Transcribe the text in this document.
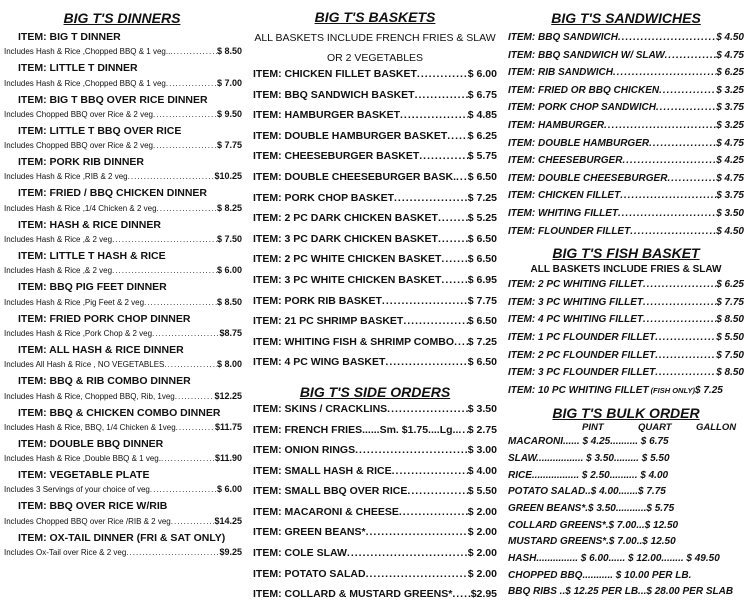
BIG T'S DINNERS
ITEM: BIG T DINNER
Includes Hash & Rice ,Chopped BBQ & 1 veg.. .....	$ 8.50
ITEM: LITTLE T DINNER
Includes Hash & Rice ,Chopped BBQ & 1 veg .....	$ 7.00
ITEM: BIG T BBQ OVER RICE DINNER
Includes Chopped BBQ over Rice & 2 veg .....	$ 9.50
ITEM: LITTLE T BBQ OVER RICE
Includes Chopped BBQ over Rice & 2 veg .....	$ 7.75
ITEM: PORK RIB DINNER
Includes Hash & Rice ,RIB & 2 veg .....	$10.25
ITEM: FRIED / BBQ CHICKEN DINNER
Includes Hash & Rice ,1/4 Chicken & 2 veg .....	$ 8.25
ITEM: HASH & RICE DINNER
Includes Hash & Rice ,& 2 veg .....	$ 7.50
ITEM: LITTLE T HASH & RICE
Includes Hash & Rice ,& 2 veg .....	$ 6.00
ITEM: BBQ PIG FEET DINNER
Includes Hash & Rice ,Pig Feet & 2 veg .....	$ 8.50
ITEM: FRIED PORK CHOP DINNER
Includes Hash & Rice ,Pork Chop & 2 veg .....	$8.75
ITEM: ALL HASH & RICE DINNER
Includes All Hash & Rice , NO VEGETABLES .....	$ 8.00
ITEM: BBQ & RIB COMBO DINNER
Includes Hash & Rice, Chopped BBQ, Rib, 1veg .....	$12.25
ITEM: BBQ & CHICKEN COMBO DINNER
Includes Hash & Rice, BBQ, 1/4 Chicken & 1veg .....	$11.75
ITEM: DOUBLE BBQ DINNER
Includes Hash & Rice ,Double BBQ & 1 veg. .....	$11.90
ITEM: VEGETABLE PLATE
Includes 3 Servings of your choice of veg .....	$ 6.00
ITEM: BBQ OVER RICE W/RIB
Includes Chopped BBQ over Rice /RIB & 2 veg .....	$14.25
ITEM: OX-TAIL DINNER (FRI & SAT ONLY)
Includes Ox-Tail over Rice & 2 veg .....	$9.25
BIG T'S BASKETS
ALL BASKETS INCLUDE FRENCH FRIES & SLAW
OR 2 VEGETABLES
ITEM: CHICKEN FILLET BASKET .....	$ 6.00
ITEM: BBQ SANDWICH BASKET .....	$ 6.75
ITEM: HAMBURGER BASKET .....	$ 4.85
ITEM: DOUBLE HAMBURGER BASKET ..... $ 6.25
ITEM: CHEESEBURGER BASKET .....	$ 5.75
ITEM: DOUBLE CHEESEBURGER BASK. ..... $ 6.50
ITEM: PORK CHOP BASKET .....	$ 7.25
ITEM: 2 PC DARK CHICKEN BASKET .....	$ 5.25
ITEM: 3 PC DARK CHICKEN BASKET .....	$ 6.50
ITEM: 2 PC WHITE CHICKEN BASKET .....	$ 6.50
ITEM: 3 PC WHITE CHICKEN BASKET .....	$ 6.95
ITEM: PORK RIB BASKET .....	$ 7.75
ITEM: 21 PC SHRIMP BASKET .....	$ 6.50
ITEM: WHITING FISH & SHRIMP COMBO ..... $ 7.25
ITEM: 4 PC WING BASKET .....	$ 6.50
BIG T'S SIDE ORDERS
ITEM: SKINS / CRACKLINS .....	$ 3.50
ITEM: FRENCH FRIES......Sm. $1.75....Lg.. ..... $ 2.75
ITEM: ONION RINGS .....	$ 3.00
ITEM: SMALL HASH & RICE .....	$ 4.00
ITEM: SMALL BBQ OVER RICE .....	$ 5.50
ITEM: MACARONI & CHEESE .....	$ 2.00
ITEM: GREEN BEANS* .....	$ 2.00
ITEM: COLE SLAW .....	$ 2.00
ITEM: POTATO SALAD .....	$ 2.00
ITEM: COLLARD & MUSTARD GREENS* ..... $2.95
BIG T'S SANDWICHES
ITEM: BBQ SANDWICH .....	$ 4.50
ITEM: BBQ SANDWICH W/ SLAW .....	$ 4.75
ITEM: RIB SANDWICH .....	$ 6.25
ITEM: FRIED OR BBQ CHICKEN .....	$ 3.25
ITEM: PORK CHOP SANDWICH .....	$ 3.75
ITEM: HAMBURGER .....	$ 3.25
ITEM: DOUBLE HAMBURGER .....	$ 4.75
ITEM: CHEESEBURGER .....	$ 4.25
ITEM: DOUBLE CHEESEBURGER .....	$ 4.75
ITEM: CHICKEN FILLET .....	$ 3.75
ITEM: WHITING FILLET .....	$ 3.50
ITEM: FLOUNDER FILLET .....	$ 4.50
BIG T'S FISH BASKET
ALL BASKETS INCLUDE FRIES & SLAW
ITEM: 2 PC WHITING FILLET .....	$ 6.25
ITEM: 3 PC WHITING FILLET .....	$ 7.75
ITEM: 4 PC WHITING FILLET .....	$ 8.50
ITEM: 1 PC FLOUNDER FILLET .....	$ 5.50
ITEM: 2 PC FLOUNDER FILLET .....	$ 7.50
ITEM: 3 PC FLOUNDER FILLET .....	$ 8.50
ITEM: 10 PC WHITING FILLET (FISH ONLY) $ 7.25
BIG T'S BULK ORDER
PINT	QUART	GALLON
MACARONI...... $ 4.25.......... $ 6.75
SLAW................. $ 3.50......... $ 5.50
RICE................. $ 2.50.......... $ 4.00
POTATO SALAD..$ 4.00.......$ 7.75
GREEN BEANS*.$ 3.50...........$ 5.75
COLLARD GREENS*.$ 7.00...$ 12.50
MUSTARD GREENS*.$ 7.00..$ 12.50
HASH............... $ 6.00...... $ 12.00........ $ 49.50
CHOPPED BBQ........... $ 10.00 PER LB.
BBQ RIBS ..$ 12.25 PER LB...$ 28.00 PER SLAB
